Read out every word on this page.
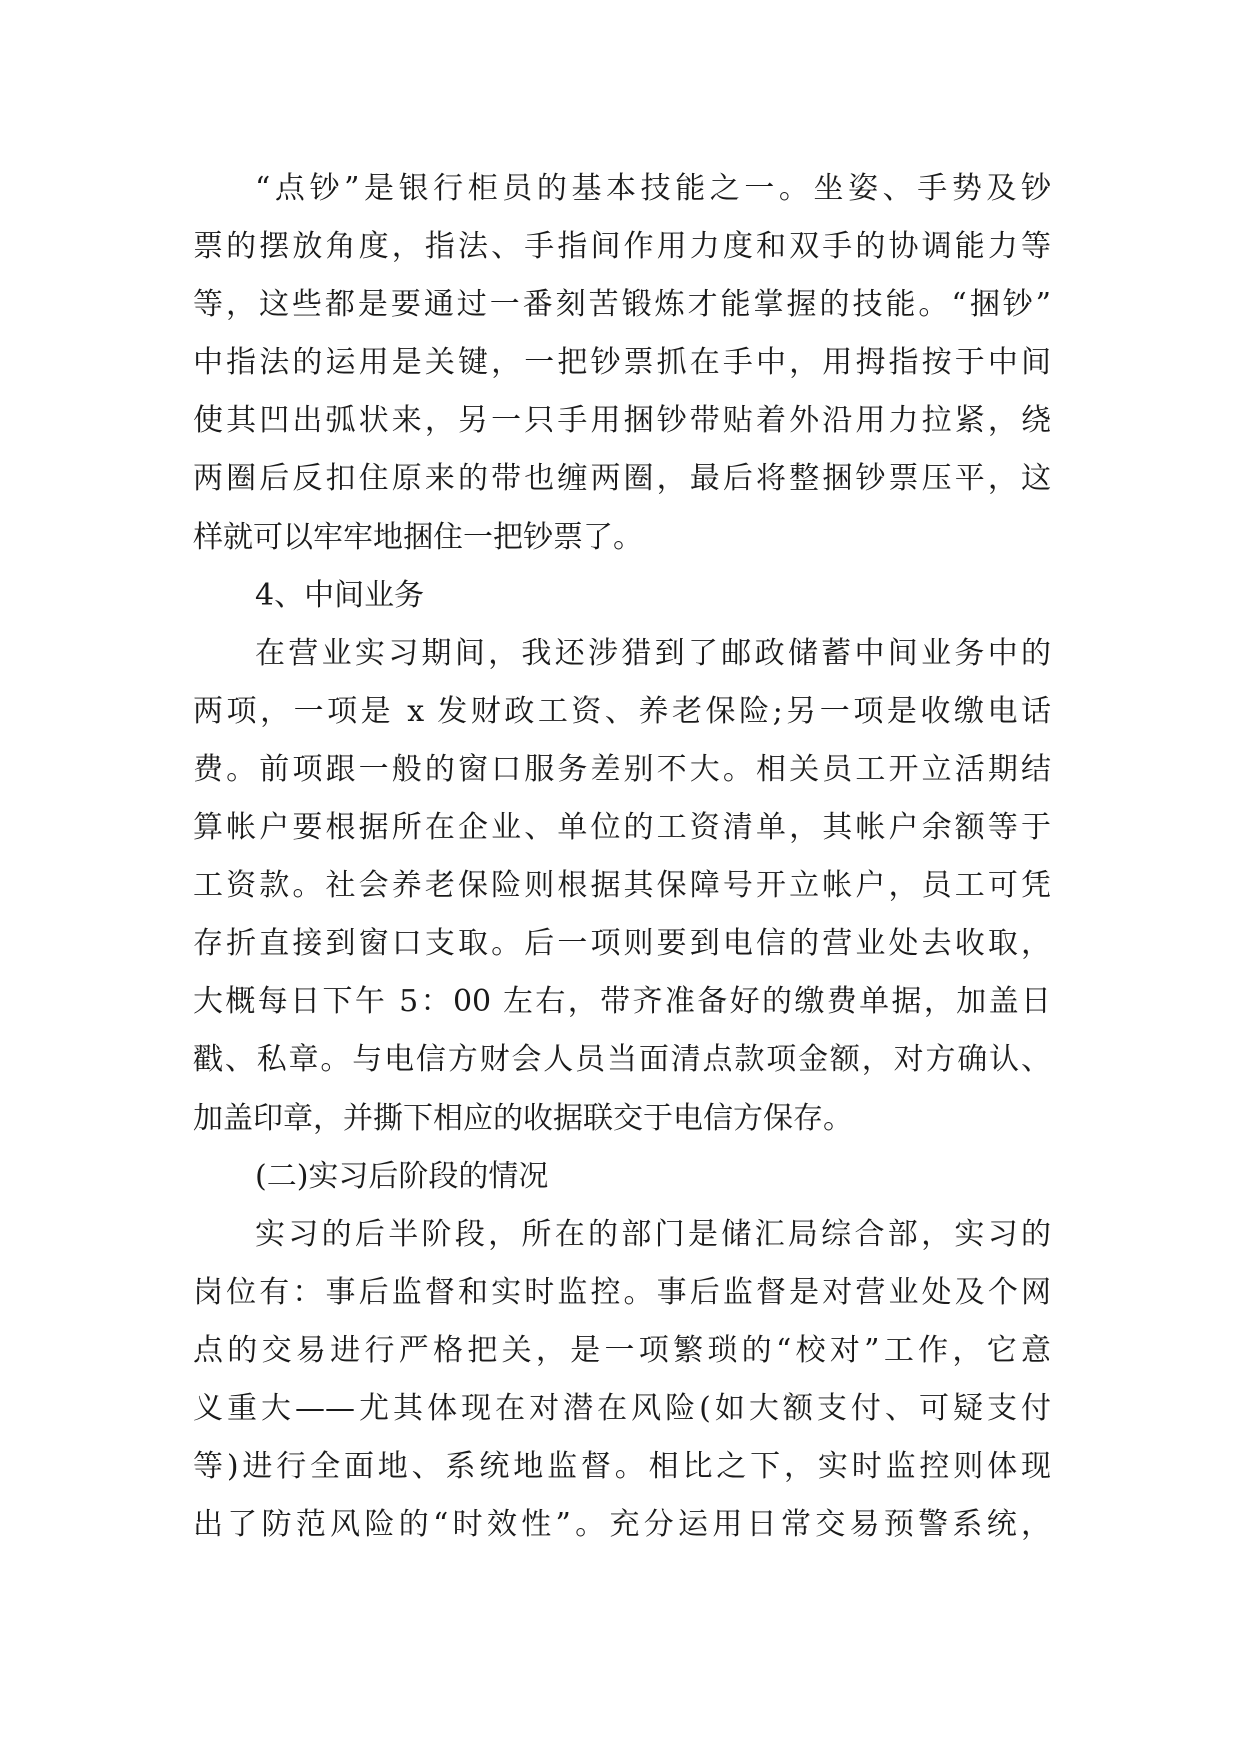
“点钞”是银行柜员的基本技能之一。坐姿、手势及钞
票的摆放角度，指法、手指间作用力度和双手的协调能力等
等，这些都是要通过一番刻苦锻炼才能掌握的技能。“捆钞”
中指法的运用是关键，一把钞票抓在手中，用拇指按于中间
使其凹出弧状来，另一只手用捆钞带贴着外沿用力拉紧，绕
两圈后反扣住原来的带也缠两圈，最后将整捆钞票压平，这
样就可以牢牢地捆住一把钞票了。
4、中间业务
在营业实习期间，我还涉猎到了邮政储蓄中间业务中的
两项，一项是 x 发财政工资、养老保险;另一项是收缴电话
费。前项跟一般的窗口服务差别不大。相关员工开立活期结
算帐户要根据所在企业、单位的工资清单，其帐户余额等于
工资款。社会养老保险则根据其保障号开立帐户，员工可凭
存折直接到窗口支取。后一项则要到电信的营业处去收取，
大概每日下午 5：00 左右，带齐准备好的缴费单据，加盖日
戳、私章。与电信方财会人员当面清点款项金额，对方确认、
加盖印章，并撕下相应的收据联交于电信方保存。
(二)实习后阶段的情况
实习的后半阶段，所在的部门是储汇局综合部，实习的
岗位有：事后监督和实时监控。事后监督是对营业处及个网
点的交易进行严格把关，是一项繁琐的“校对”工作，它意
义重大——尤其体现在对潜在风险(如大额支付、可疑支付
等)进行全面地、系统地监督。相比之下，实时监控则体现
出了防范风险的“时效性”。充分运用日常交易预警系统，
